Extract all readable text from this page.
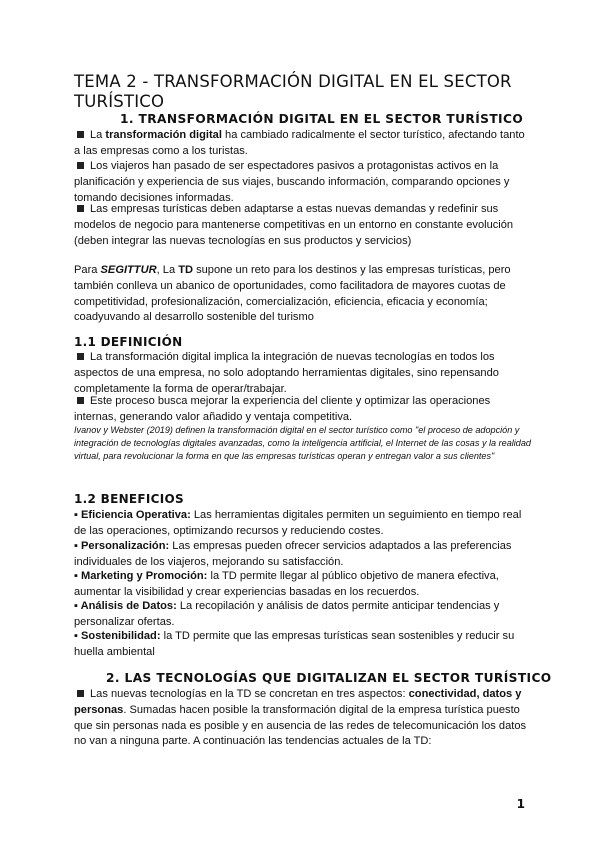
TEMA 2 - TRANSFORMACIÓN DIGITAL EN EL SECTOR TURÍSTICO
1. TRANSFORMACIÓN DIGITAL EN EL SECTOR TURÍSTICO

La transformación digital ha cambiado radicalmente el sector turístico, afectando tanto a las empresas como a los turistas.

Los viajeros han pasado de ser espectadores pasivos a protagonistas activos en la planificación y experiencia de sus viajes, buscando información, comparando opciones y tomando decisiones informadas.

Las empresas turísticas deben adaptarse a estas nuevas demandas y redefinir sus modelos de negocio para mantenerse competitivas en un entorno en constante evolución (deben integrar las nuevas tecnologías en sus productos y servicios)

Para SEGITTUR, La TD supone un reto para los destinos y las empresas turísticas, pero también conlleva un abanico de oportunidades, como facilitadora de mayores cuotas de competitividad, profesionalización, comercialización, eficiencia, eficacia y economía; coadyuvando al desarrollo sostenible del turismo

1.1 DEFINICIÓN

La transformación digital implica la integración de nuevas tecnologías en todos los aspectos de una empresa, no solo adoptando herramientas digitales, sino repensando completamente la forma de operar/trabajar.

Este proceso busca mejorar la experiencia del cliente y optimizar las operaciones internas, generando valor añadido y ventaja competitiva.

Ivanov y Webster (2019) definen la transformación digital en el sector turístico como "el proceso de adopción y integración de tecnologías digitales avanzadas, como la inteligencia artificial, el Internet de las cosas y la realidad virtual, para revolucionar la forma en que las empresas turísticas operan y entregan valor a sus clientes"

1.2 BENEFICIOS

▪ Eficiencia Operativa: Las herramientas digitales permiten un seguimiento en tiempo real de las operaciones, optimizando recursos y reduciendo costes.

▪ Personalización: Las empresas pueden ofrecer servicios adaptados a las preferencias individuales de los viajeros, mejorando su satisfacción.

▪ Marketing y Promoción: la TD permite llegar al público objetivo de manera efectiva, aumentar la visibilidad y crear experiencias basadas en los recuerdos.

▪ Análisis de Datos: La recopilación y análisis de datos permite anticipar tendencias y personalizar ofertas.

▪ Sostenibilidad: la TD permite que las empresas turísticas sean sostenibles y reducir su huella ambiental

2. LAS TECNOLOGÍAS QUE DIGITALIZAN EL SECTOR TURÍSTICO

Las nuevas tecnologías en la TD se concretan en tres aspectos: conectividad, datos y personas. Sumadas hacen posible la transformación digital de la empresa turística puesto que sin personas nada es posible y en ausencia de las redes de telecomunicación los datos no van a ninguna parte. A continuación las tendencias actuales de la TD:

1
